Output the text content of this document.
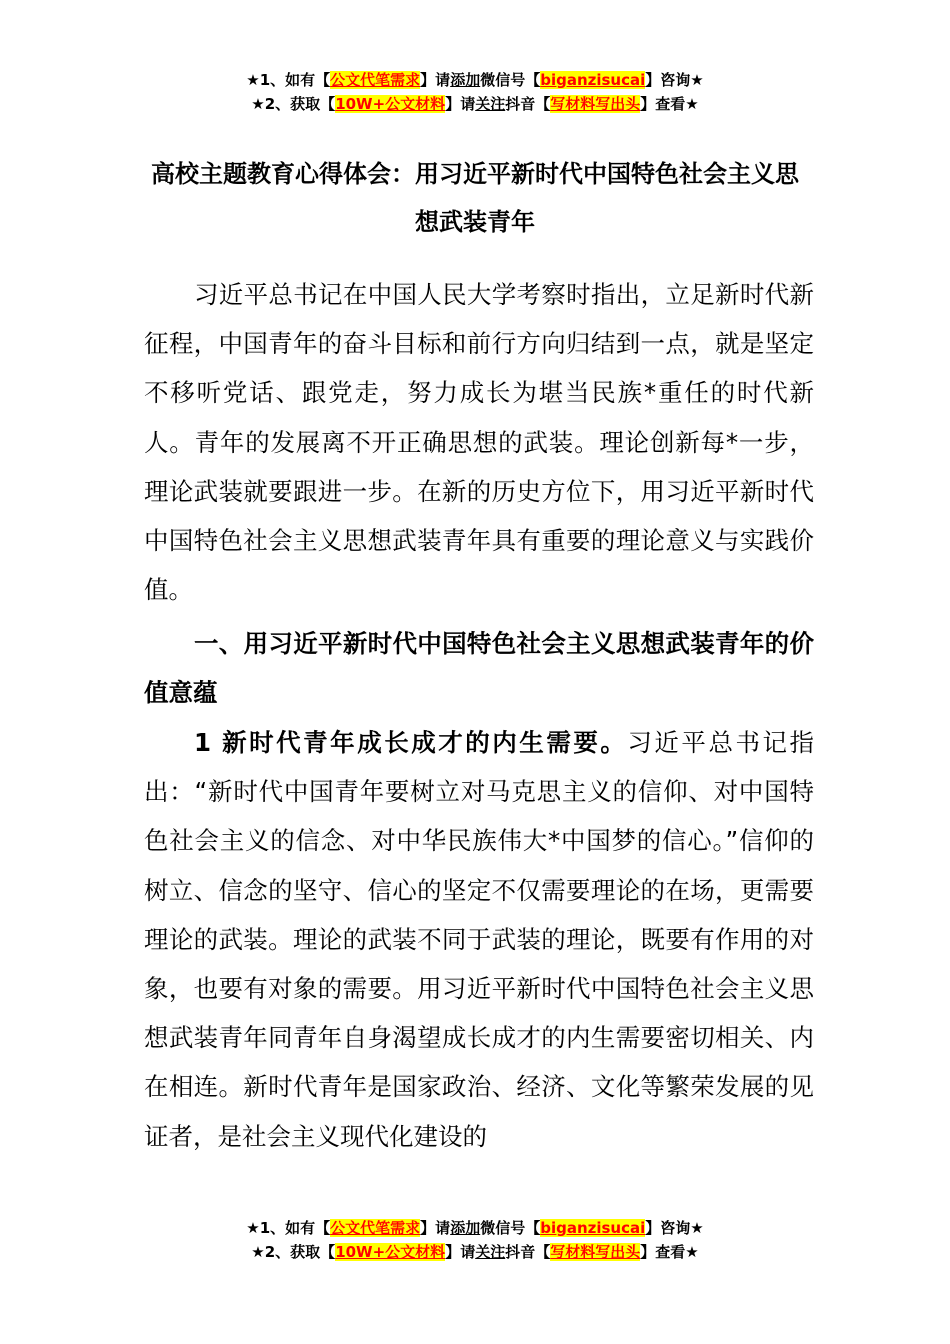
★1、如有【公文代笔需求】请添加微信号【biganzisucai】咨询★
★2、获取【10W+公文材料】请关注抖音【写材料写出头】查看★
高校主题教育心得体会：用习近平新时代中国特色社会主义思想武装青年
习近平总书记在中国人民大学考察时指出，立足新时代新征程，中国青年的奋斗目标和前行方向归结到一点，就是坚定不移听党话、跟党走，努力成长为堪当民族*重任的时代新人。青年的发展离不开正确思想的武装。理论创新每*一步，理论武装就要跟进一步。在新的历史方位下，用习近平新时代中国特色社会主义思想武装青年具有重要的理论意义与实践价值。
一、用习近平新时代中国特色社会主义思想武装青年的价值意蕴
1 新时代青年成长成才的内生需要。习近平总书记指出：“新时代中国青年要树立对马克思主义的信仰、对中国特色社会主义的信念、对中华民族伟大*中国梦的信心。”信仰的树立、信念的坚守、信心的坚定不仅需要理论的在场，更需要理论的武装。理论的武装不同于武装的理论，既要有作用的对象，也要有对象的需要。用习近平新时代中国特色社会主义思想武装青年同青年自身渴望成长成才的内生需要密切相关、内在相连。新时代青年是国家政治、经济、文化等繁荣发展的见证者，是社会主义现代化建设的
★1、如有【公文代笔需求】请添加微信号【biganzisucai】咨询★
★2、获取【10W+公文材料】请关注抖音【写材料写出头】查看★
